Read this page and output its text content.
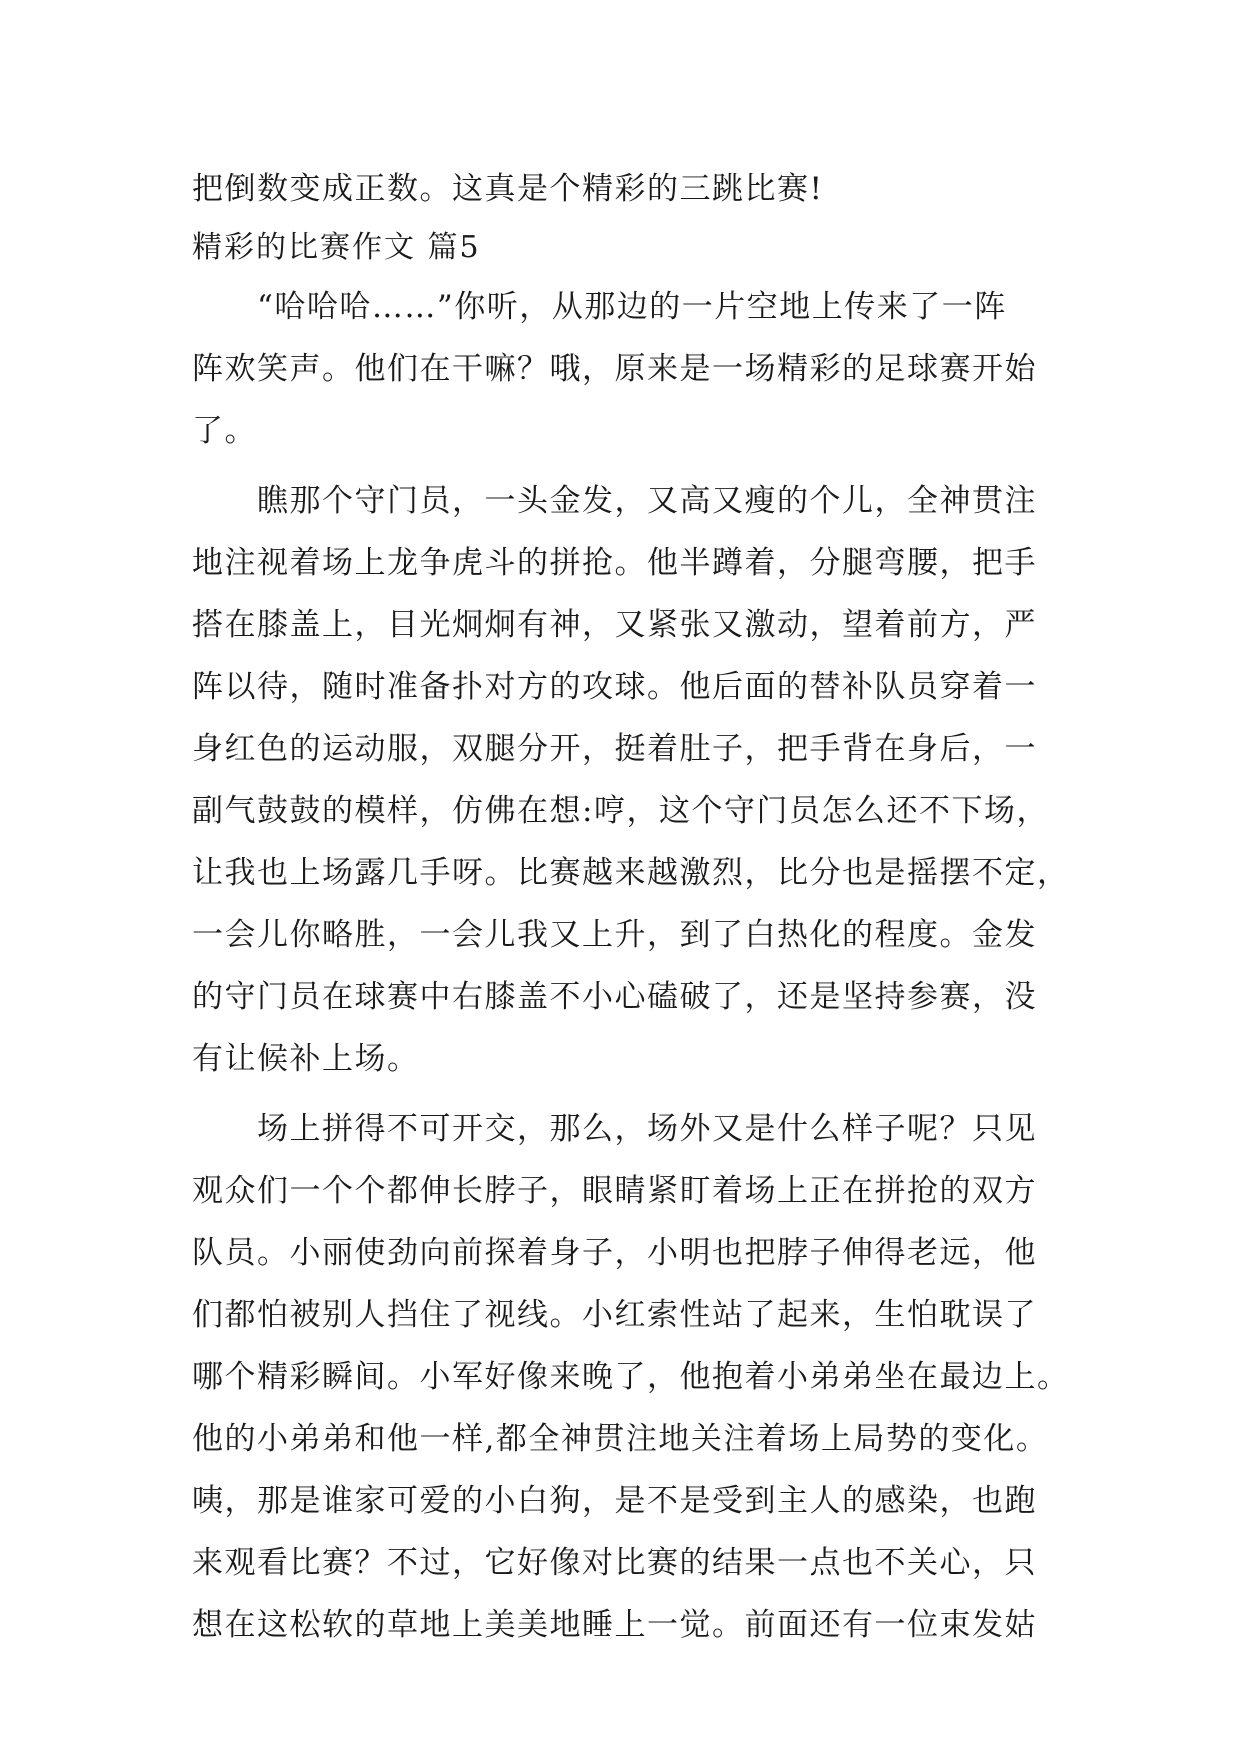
把倒数变成正数。这真是个精彩的三跳比赛!
精彩的比赛作文 篇5
　　“哈哈哈……”你听，从那边的一片空地上传来了一阵
阵欢笑声。他们在干嘛？哦，原来是一场精彩的足球赛开始
了。
　　瞧那个守门员，一头金发，又高又瘦的个儿，全神贯注
地注视着场上龙争虎斗的拼抢。他半蹲着，分腿弯腰，把手
搭在膝盖上，目光炯炯有神，又紧张又激动，望着前方，严
阵以待，随时准备扑对方的攻球。他后面的替补队员穿着一
身红色的运动服，双腿分开，挺着肚子，把手背在身后，一
副气鼓鼓的模样，仿佛在想:哼，这个守门员怎么还不下场，
让我也上场露几手呀。比赛越来越激烈，比分也是摇摆不定，
一会儿你略胜，一会儿我又上升，到了白热化的程度。金发
的守门员在球赛中右膝盖不小心磕破了，还是坚持参赛，没
有让候补上场。
　　场上拼得不可开交，那么，场外又是什么样子呢？只见
观众们一个个都伸长脖子，眼睛紧盯着场上正在拼抢的双方
队员。小丽使劲向前探着身子，小明也把脖子伸得老远，他
们都怕被别人挡住了视线。小红索性站了起来，生怕耽误了
哪个精彩瞬间。小军好像来晚了，他抱着小弟弟坐在最边上。
他的小弟弟和他一样,都全神贯注地关注着场上局势的变化。
咦，那是谁家可爱的小白狗，是不是受到主人的感染，也跑
来观看比赛？不过，它好像对比赛的结果一点也不关心，只
想在这松软的草地上美美地睡上一觉。前面还有一位束发姑
